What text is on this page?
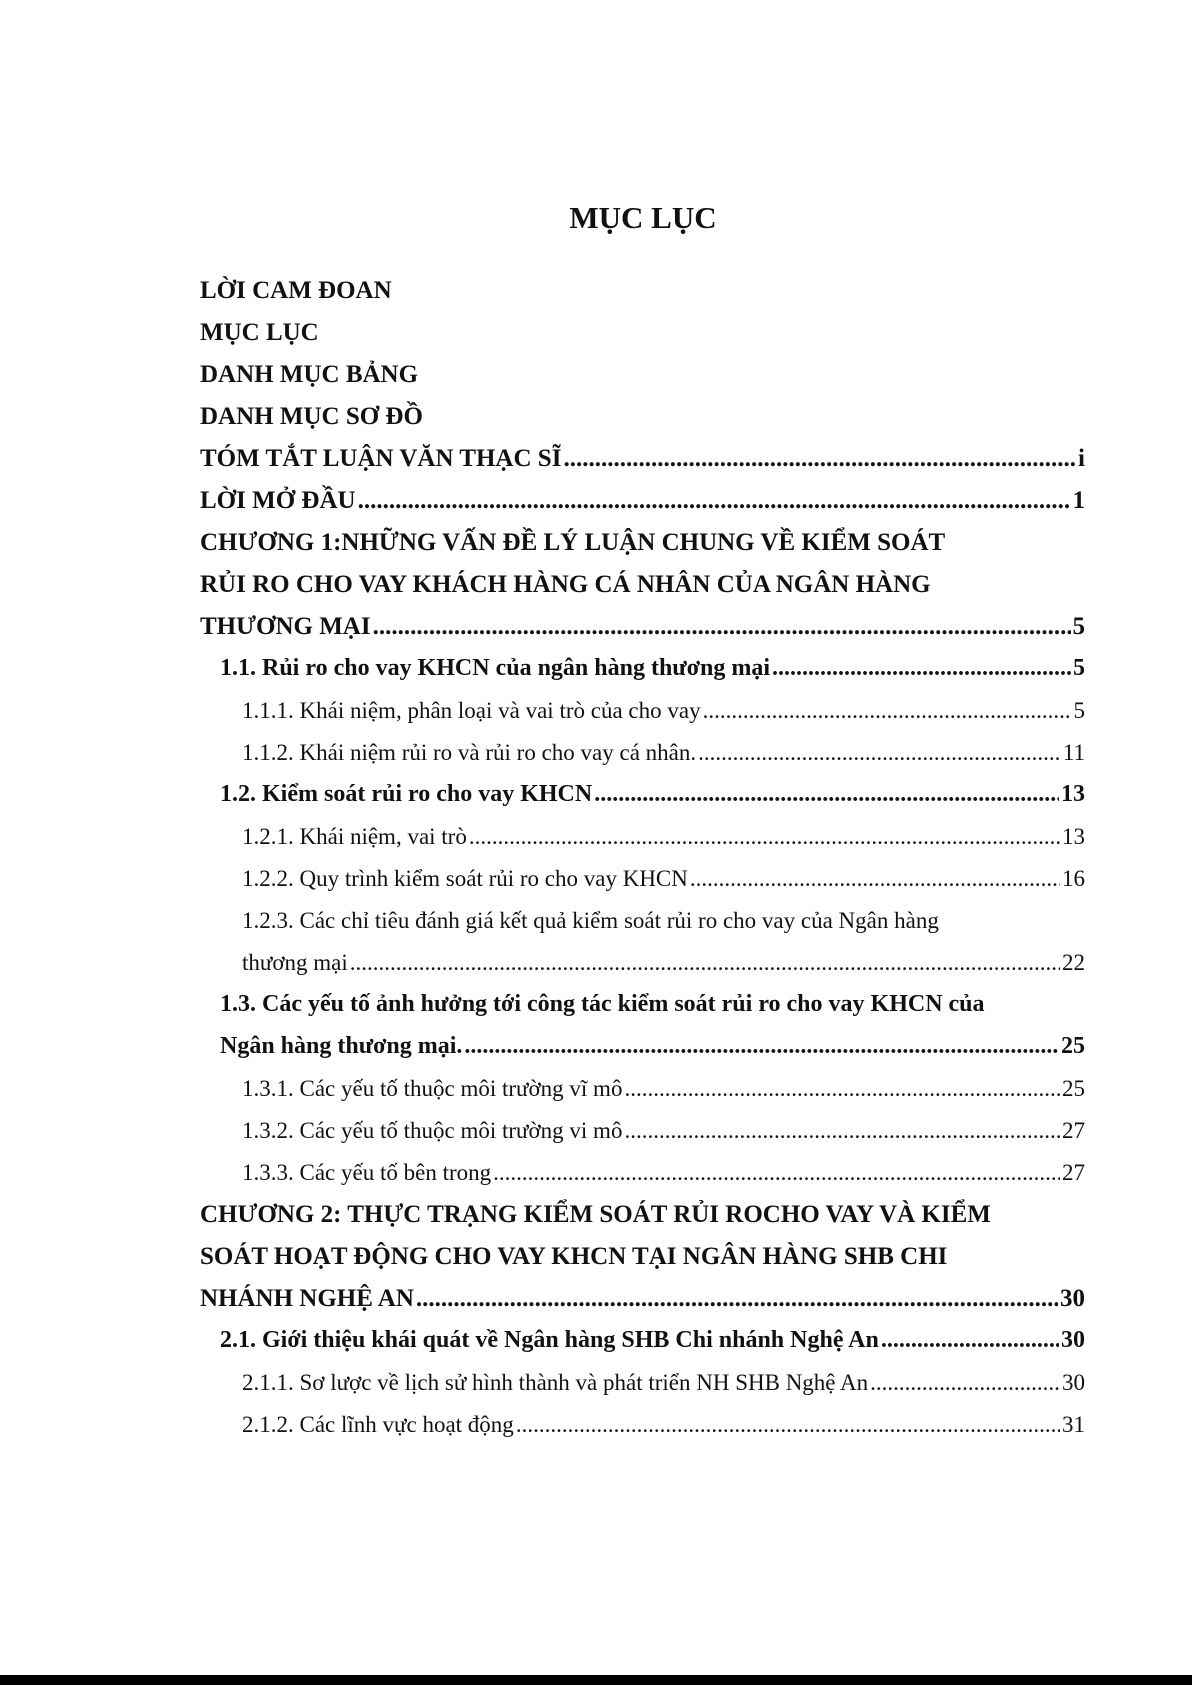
MỤC LỤC
LỜI CAM ĐOAN
MỤC LỤC
DANH MỤC BẢNG
DANH MỤC SƠ ĐỒ
TÓM TẮT LUẬN VĂN THẠC SĨ .....	i
LỜI MỞ ĐẦU .....	1
CHƯƠNG 1:NHỮNG VẤN ĐỀ LÝ LUẬN CHUNG VỀ KIỂM SOÁT
RỦI RO CHO VAY KHÁCH HÀNG CÁ NHÂN CỦA NGÂN HÀNG
THƯƠNG MẠI .....	5
1.1. Rủi ro cho vay KHCN của ngân hàng thương mại .....	5
1.1.1. Khái niệm, phân loại và vai trò của cho vay .....	5
1.1.2. Khái niệm rủi ro và rủi ro cho vay cá nhân. .....	11
1.2. Kiểm soát rủi ro cho vay KHCN .....	13
1.2.1. Khái niệm, vai trò .....	13
1.2.2. Quy trình kiểm soát rủi ro cho vay KHCN .....	16
1.2.3. Các chỉ tiêu đánh giá kết quả kiểm soát rủi ro cho vay của Ngân hàng
thương mại .....	22
1.3. Các yếu tố ảnh hưởng tới công tác kiểm soát rủi ro cho vay KHCN của
Ngân hàng thương mại. .....	25
1.3.1. Các yếu tố thuộc môi trường vĩ mô .....	25
1.3.2. Các yếu tố thuộc môi trường vi mô .....	27
1.3.3. Các yếu tố bên trong .....	27
CHƯƠNG 2: THỰC TRẠNG KIỂM SOÁT RỦI ROCHO VAY VÀ KIỂM
SOÁT HOẠT ĐỘNG CHO VAY KHCN TẠI NGÂN HÀNG SHB CHI
NHÁNH NGHỆ AN .....	30
2.1. Giới thiệu khái quát về Ngân hàng SHB Chi nhánh Nghệ An .....	30
2.1.1. Sơ lược về lịch sử hình thành và phát triển NH SHB Nghệ An .....	30
2.1.2. Các lĩnh vực hoạt động .....	31
